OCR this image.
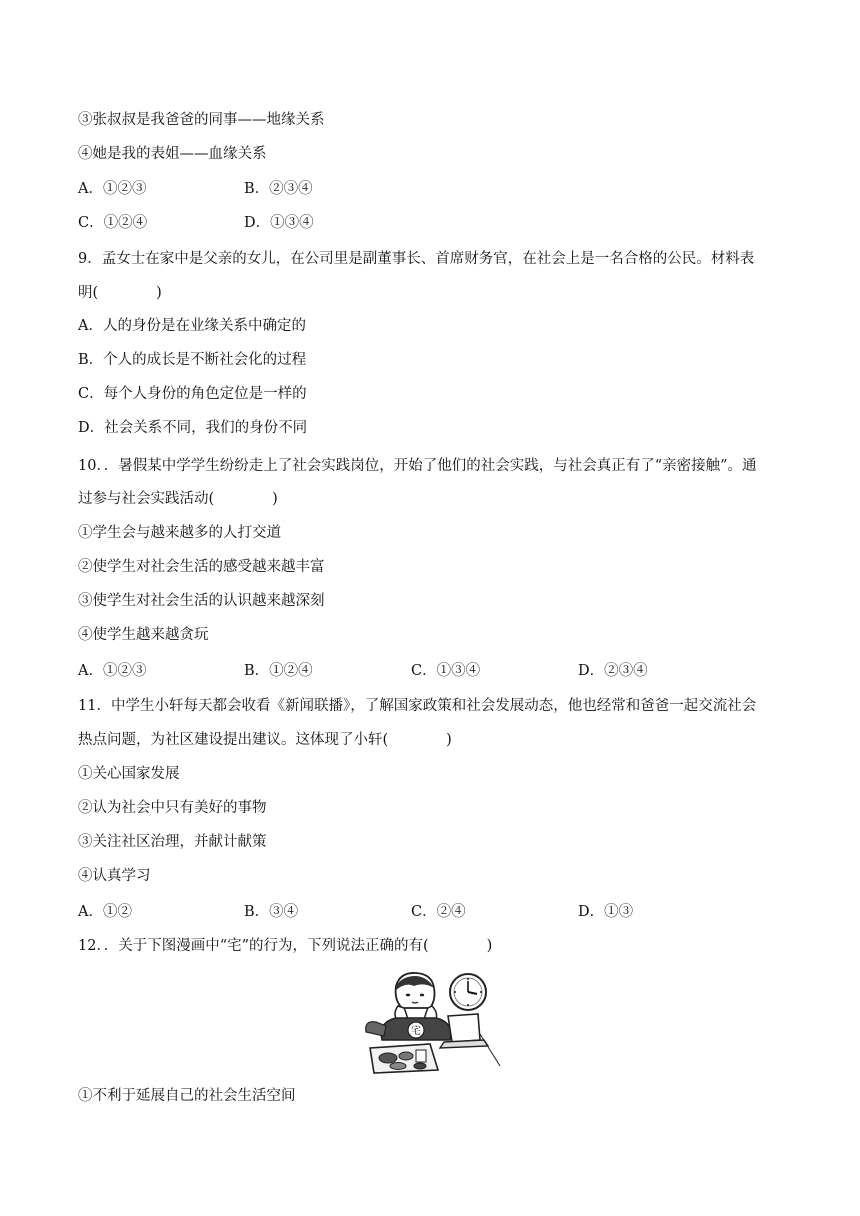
③张叔叔是我爸爸的同事——地缘关系
④她是我的表姐——血缘关系
A．①②③	B．②③④
C．①②④	D．①③④
9．孟女士在家中是父亲的女儿，在公司里是副董事长、首席财务官，在社会上是一名合格的公民。材料表
明(　　　　)
A．人的身份是在业缘关系中确定的
B．个人的成长是不断社会化的过程
C．每个人身份的角色定位是一样的
D．社会关系不同，我们的身份不同
10．．暑假某中学学生纷纷走上了社会实践岗位，开始了他们的社会实践，与社会真正有了“亲密接触”。通
过参与社会实践活动(　　　　)
①学生会与越来越多的人打交道
②使学生对社会生活的感受越来越丰富
③使学生对社会生活的认识越来越深刻
④使学生越来越贪玩
A．①②③	B．①②④	C．①③④	D．②③④
11．中学生小轩每天都会收看《新闻联播》，了解国家政策和社会发展动态，他也经常和爸爸一起交流社会
热点问题，为社区建设提出建议。这体现了小轩(　　　　)
①关心国家发展
②认为社会中只有美好的事物
③关注社区治理，并献计献策
④认真学习
A．①②	B．③④	C．②④	D．①③
12．．关于下图漫画中“宅”的行为，下列说法正确的有(　　　　)
宅
①不利于延展自己的社会生活空间
